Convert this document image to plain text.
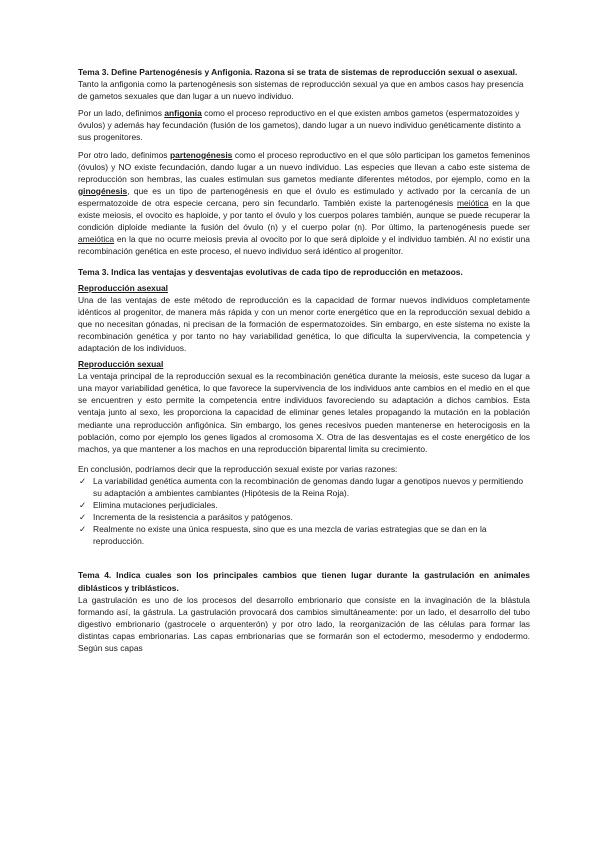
Tema 3. Define Partenogénesis y Anfigonia. Razona si se trata de sistemas de reproducción sexual o asexual.

Tanto la anfigonia como la partenogénesis son sistemas de reproducción sexual ya que en ambos casos hay presencia de gametos sexuales que dan lugar a un nuevo individuo.

Por un lado, definimos anfigonia como el proceso reproductivo en el que existen ambos gametos (espermatozoides y óvulos) y además hay fecundación (fusión de los gametos), dando lugar a un nuevo individuo genéticamente distinto a sus progenitores.

Por otro lado, definimos partenogénesis como el proceso reproductivo en el que sólo participan los gametos femeninos (óvulos) y NO existe fecundación, dando lugar a un nuevo individuo. Las especies que llevan a cabo este sistema de reproducción son hembras, las cuales estimulan sus gametos mediante diferentes métodos, por ejemplo, como en la ginogénesis, que es un tipo de partenogénesis en que el óvulo es estimulado y activado por la cercanía de un espermatozoide de otra especie cercana, pero sin fecundarlo. También existe la partenogénesis meiótica en la que existe meiosis, el ovocito es haploide, y por tanto el óvulo y los cuerpos polares también, aunque se puede recuperar la condición diploide mediante la fusión del óvulo (n) y el cuerpo polar (n). Por último, la partenogénesis puede ser ameiótica en la que no ocurre meiosis previa al ovocito por lo que será diploide y el individuo también. Al no existir una recombinación genética en este proceso, el nuevo individuo será idéntico al progenitor.

Tema 3. Indica las ventajas y desventajas evolutivas de cada tipo de reproducción en metazoos.

Reproducción asexual

Una de las ventajas de este método de reproducción es la capacidad de formar nuevos individuos completamente idénticos al progenitor, de manera más rápida y con un menor corte energético que en la reproducción sexual debido a que no necesitan gónadas, ni precisan de la formación de espermatozoides. Sin embargo, en este sistema no existe la recombinación genética y por tanto no hay variabilidad genética, lo que dificulta la supervivencia, la competencia y adaptación de los individuos.

Reproducción sexual

La ventaja principal de la reproducción sexual es la recombinación genética durante la meiosis, este suceso da lugar a una mayor variabilidad genética, lo que favorece la supervivencia de los individuos ante cambios en el medio en el que se encuentren y esto permite la competencia entre individuos favoreciendo su adaptación a dichos cambios. Esta ventaja junto al sexo, les proporciona la capacidad de eliminar genes letales propagando la mutación en la población mediante una reproducción anfigónica. Sin embargo, los genes recesivos pueden mantenerse en heterocigosis en la población, como por ejemplo los genes ligados al cromosoma X. Otra de las desventajas es el coste energético de los machos, ya que mantener a los machos en una reproducción biparental limita su crecimiento.

En conclusión, podríamos decir que la reproducción sexual existe por varias razones:

✓ La variabilidad genética aumenta con la recombinación de genomas dando lugar a genotipos nuevos y permitiendo su adaptación a ambientes cambiantes (Hipótesis de la Reina Roja).
✓ Elimina mutaciones perjudiciales.
✓ Incrementa de la resistencia a parásitos y patógenos.
✓ Realmente no existe una única respuesta, sino que es una mezcla de varias estrategias que se dan en la reproducción.

Tema 4. Indica cuales son los principales cambios que tienen lugar durante la gastrulación en animales diblásticos y triblásticos.

La gastrulación es uno de los procesos del desarrollo embrionario que consiste en la invaginación de la blástula formando así, la gástrula. La gastrulación provocará dos cambios simultáneamente: por un lado, el desarrollo del tubo digestivo embrionario (gastrocele o arquenterón) y por otro lado, la reorganización de las células para formar las distintas capas embrionarias. Las capas embrionarias que se formarán son el ectodermo, mesodermo y endodermo. Según sus capas
